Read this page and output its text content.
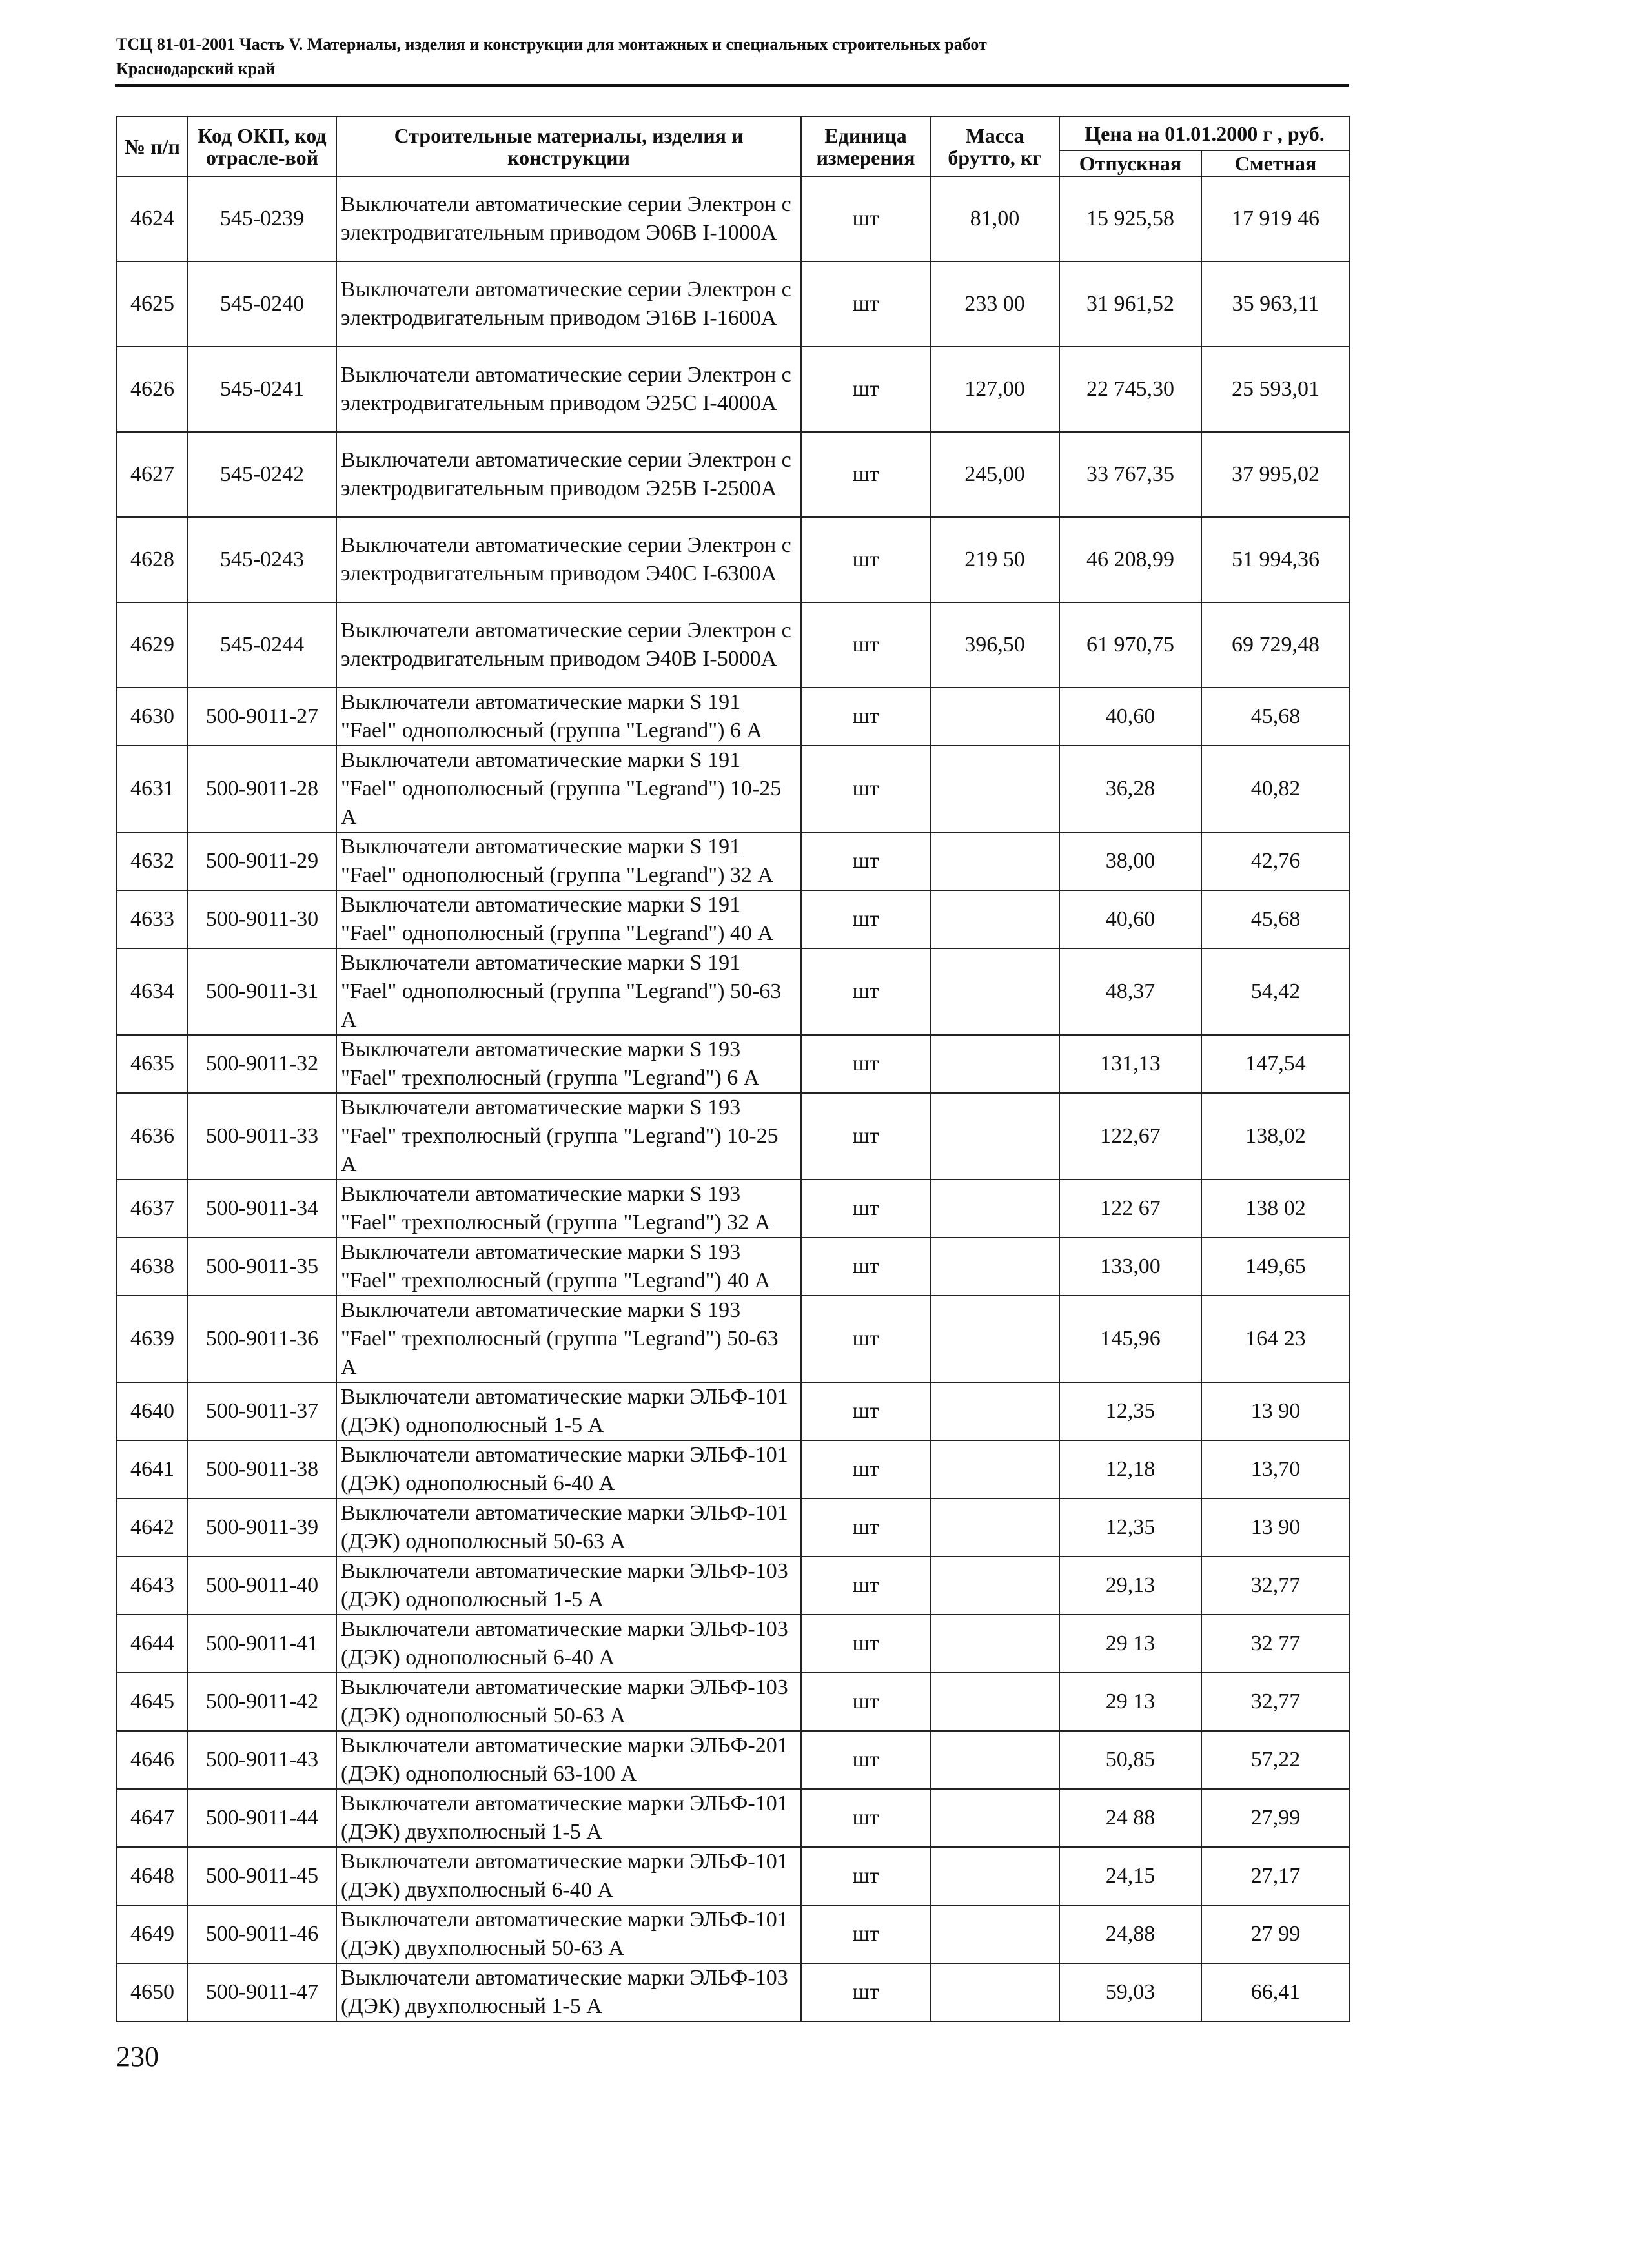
ТСЦ 81-01-2001 Часть V. Материалы, изделия и конструкции для монтажных и специальных строительных работ
Краснодарский край
№ п/п	Код ОКП, код отрасле-вой	Строительные материалы, изделия и конструкции	Единица измерения	Масса брутто, кг	Цена на 01.01.2000 г , руб.	
					Отпускная	Сметная
4624	545-0239	Выключатели автоматические серии Электрон с электродвигательным приводом Э06В I-1000А	шт	81,00	15 925,58	17 919 46
4625	545-0240	Выключатели автоматические серии Электрон с электродвигательным приводом Э16В I-1600А	шт	233 00	31 961,52	35 963,11
4626	545-0241	Выключатели автоматические серии Электрон с электродвигательным приводом Э25С I-4000А	шт	127,00	22 745,30	25 593,01
4627	545-0242	Выключатели автоматические серии Электрон с электродвигательным приводом Э25В I-2500А	шт	245,00	33 767,35	37 995,02
4628	545-0243	Выключатели автоматические серии Электрон с электродвигательным приводом Э40С I-6300А	шт	219 50	46 208,99	51 994,36
4629	545-0244	Выключатели автоматические серии Электрон с электродвигательным приводом Э40В I-5000А	шт	396,50	61 970,75	69 729,48
4630	500-9011-27	Выключатели автоматические марки S 191 "Fael" однополюсный (группа "Legrand") 6 А	шт		40,60	45,68
4631	500-9011-28	Выключатели автоматические марки S 191 "Fael" однополюсный (группа "Legrand") 10-25 А	шт		36,28	40,82
4632	500-9011-29	Выключатели автоматические марки S 191 "Fael" однополюсный (группа "Legrand") 32 А	шт		38,00	42,76
4633	500-9011-30	Выключатели автоматические марки S 191 "Fael" однополюсный (группа "Legrand") 40 А	шт		40,60	45,68
4634	500-9011-31	Выключатели автоматические марки S 191 "Fael" однополюсный (группа "Legrand") 50-63 А	шт		48,37	54,42
4635	500-9011-32	Выключатели автоматические марки S 193 "Fael" трехполюсный (группа "Legrand") 6 А	шт		131,13	147,54
4636	500-9011-33	Выключатели автоматические марки S 193 "Fael" трехполюсный (группа "Legrand") 10-25 А	шт		122,67	138,02
4637	500-9011-34	Выключатели автоматические марки S 193 "Fael" трехполюсный (группа "Legrand") 32 А	шт		122 67	138 02
4638	500-9011-35	Выключатели автоматические марки S 193 "Fael" трехполюсный (группа "Legrand") 40 А	шт		133,00	149,65
4639	500-9011-36	Выключатели автоматические марки S 193 "Fael" трехполюсный (группа "Legrand") 50-63 А	шт		145,96	164 23
4640	500-9011-37	Выключатели автоматические марки ЭЛЬФ-101 (ДЭК) однополюсный 1-5 А	шт		12,35	13 90
4641	500-9011-38	Выключатели автоматические марки ЭЛЬФ-101 (ДЭК) однополюсный 6-40 А	шт		12,18	13,70
4642	500-9011-39	Выключатели автоматические марки ЭЛЬФ-101 (ДЭК) однополюсный 50-63 А	шт		12,35	13 90
4643	500-9011-40	Выключатели автоматические марки ЭЛЬФ-103 (ДЭК) однополюсный 1-5 А	шт		29,13	32,77
4644	500-9011-41	Выключатели автоматические марки ЭЛЬФ-103 (ДЭК) однополюсный 6-40 А	шт		29 13	32 77
4645	500-9011-42	Выключатели автоматические марки ЭЛЬФ-103 (ДЭК) однополюсный 50-63 А	шт		29 13	32,77
4646	500-9011-43	Выключатели автоматические марки ЭЛЬФ-201 (ДЭК) однополюсный 63-100 А	шт		50,85	57,22
4647	500-9011-44	Выключатели автоматические марки ЭЛЬФ-101 (ДЭК) двухполюсный 1-5 А	шт		24 88	27,99
4648	500-9011-45	Выключатели автоматические марки ЭЛЬФ-101 (ДЭК) двухполюсный 6-40 А	шт		24,15	27,17
4649	500-9011-46	Выключатели автоматические марки ЭЛЬФ-101 (ДЭК) двухполюсный 50-63 А	шт		24,88	27 99
4650	500-9011-47	Выключатели автоматические марки ЭЛЬФ-103 (ДЭК) двухполюсный 1-5 А	шт		59,03	66,41
230
